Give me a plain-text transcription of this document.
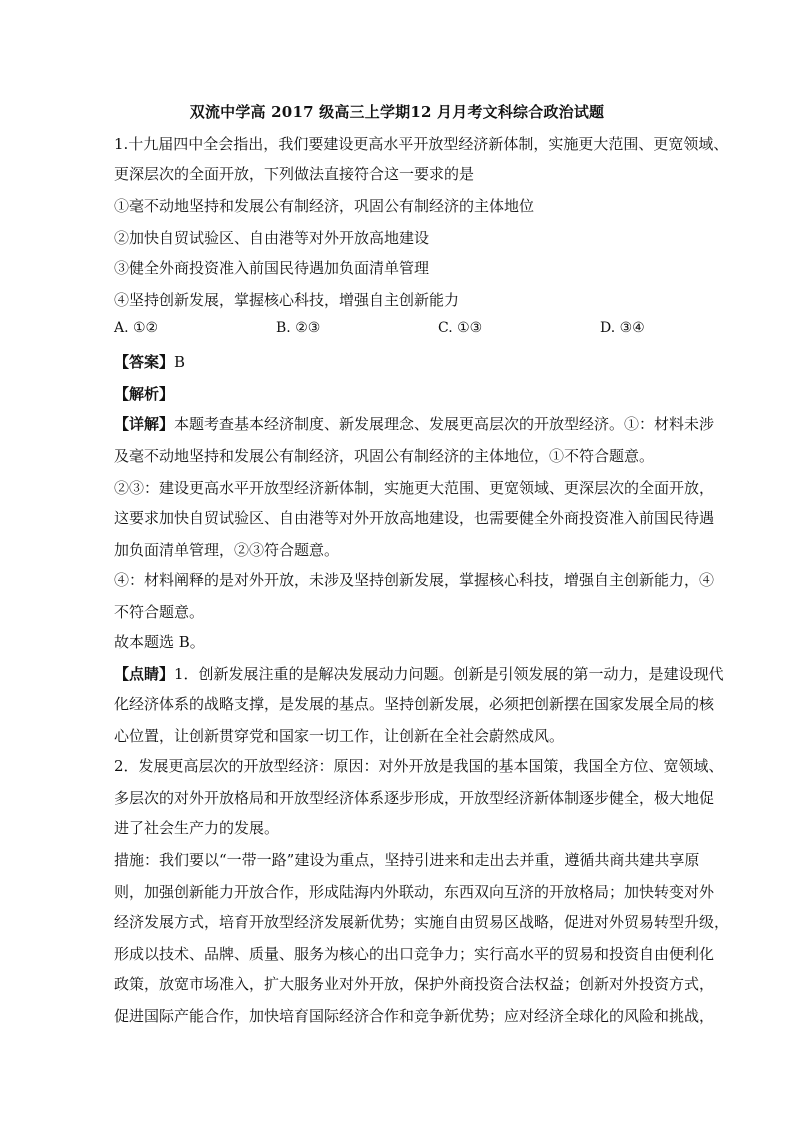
双流中学高 2017 级高三上学期12 月月考文科综合政治试题
1.十九届四中全会指出，我们要建设更高水平开放型经济新体制，实施更大范围、更宽领域、
更深层次的全面开放，下列做法直接符合这一要求的是
①毫不动地坚持和发展公有制经济，巩固公有制经济的主体地位
②加快自贸试验区、自由港等对外开放高地建设
③健全外商投资准入前国民待遇加负面清单管理
④坚持创新发展，掌握核心科技，增强自主创新能力
A. ①②	B. ②③	C. ①③	D. ③④
【答案】B
【解析】
【详解】本题考查基本经济制度、新发展理念、发展更高层次的开放型经济。①：材料未涉
及毫不动地坚持和发展公有制经济，巩固公有制经济的主体地位，①不符合题意。
②③：建设更高水平开放型经济新体制，实施更大范围、更宽领域、更深层次的全面开放，
这要求加快自贸试验区、自由港等对外开放高地建设，也需要健全外商投资准入前国民待遇
加负面清单管理，②③符合题意。
④：材料阐释的是对外开放，未涉及坚持创新发展，掌握核心科技，增强自主创新能力，④
不符合题意。
故本题选 B。
【点睛】1．创新发展注重的是解决发展动力问题。创新是引领发展的第一动力，是建设现代
化经济体系的战略支撑，是发展的基点。坚持创新发展，必须把创新摆在国家发展全局的核
心位置，让创新贯穿党和国家一切工作，让创新在全社会蔚然成风。
2．发展更高层次的开放型经济：原因：对外开放是我国的基本国策，我国全方位、宽领域、
多层次的对外开放格局和开放型经济体系逐步形成，开放型经济新体制逐步健全，极大地促
进了社会生产力的发展。
措施：我们要以“一带一路”建设为重点，坚持引进来和走出去并重，遵循共商共建共享原
则，加强创新能力开放合作，形成陆海内外联动，东西双向互济的开放格局；加快转变对外
经济发展方式，培育开放型经济发展新优势；实施自由贸易区战略，促进对外贸易转型升级，
形成以技术、品牌、质量、服务为核心的出口竞争力；实行高水平的贸易和投资自由便利化
政策，放宽市场准入，扩大服务业对外开放，保护外商投资合法权益；创新对外投资方式，
促进国际产能合作，加快培育国际经济合作和竞争新优势；应对经济全球化的风险和挑战，
